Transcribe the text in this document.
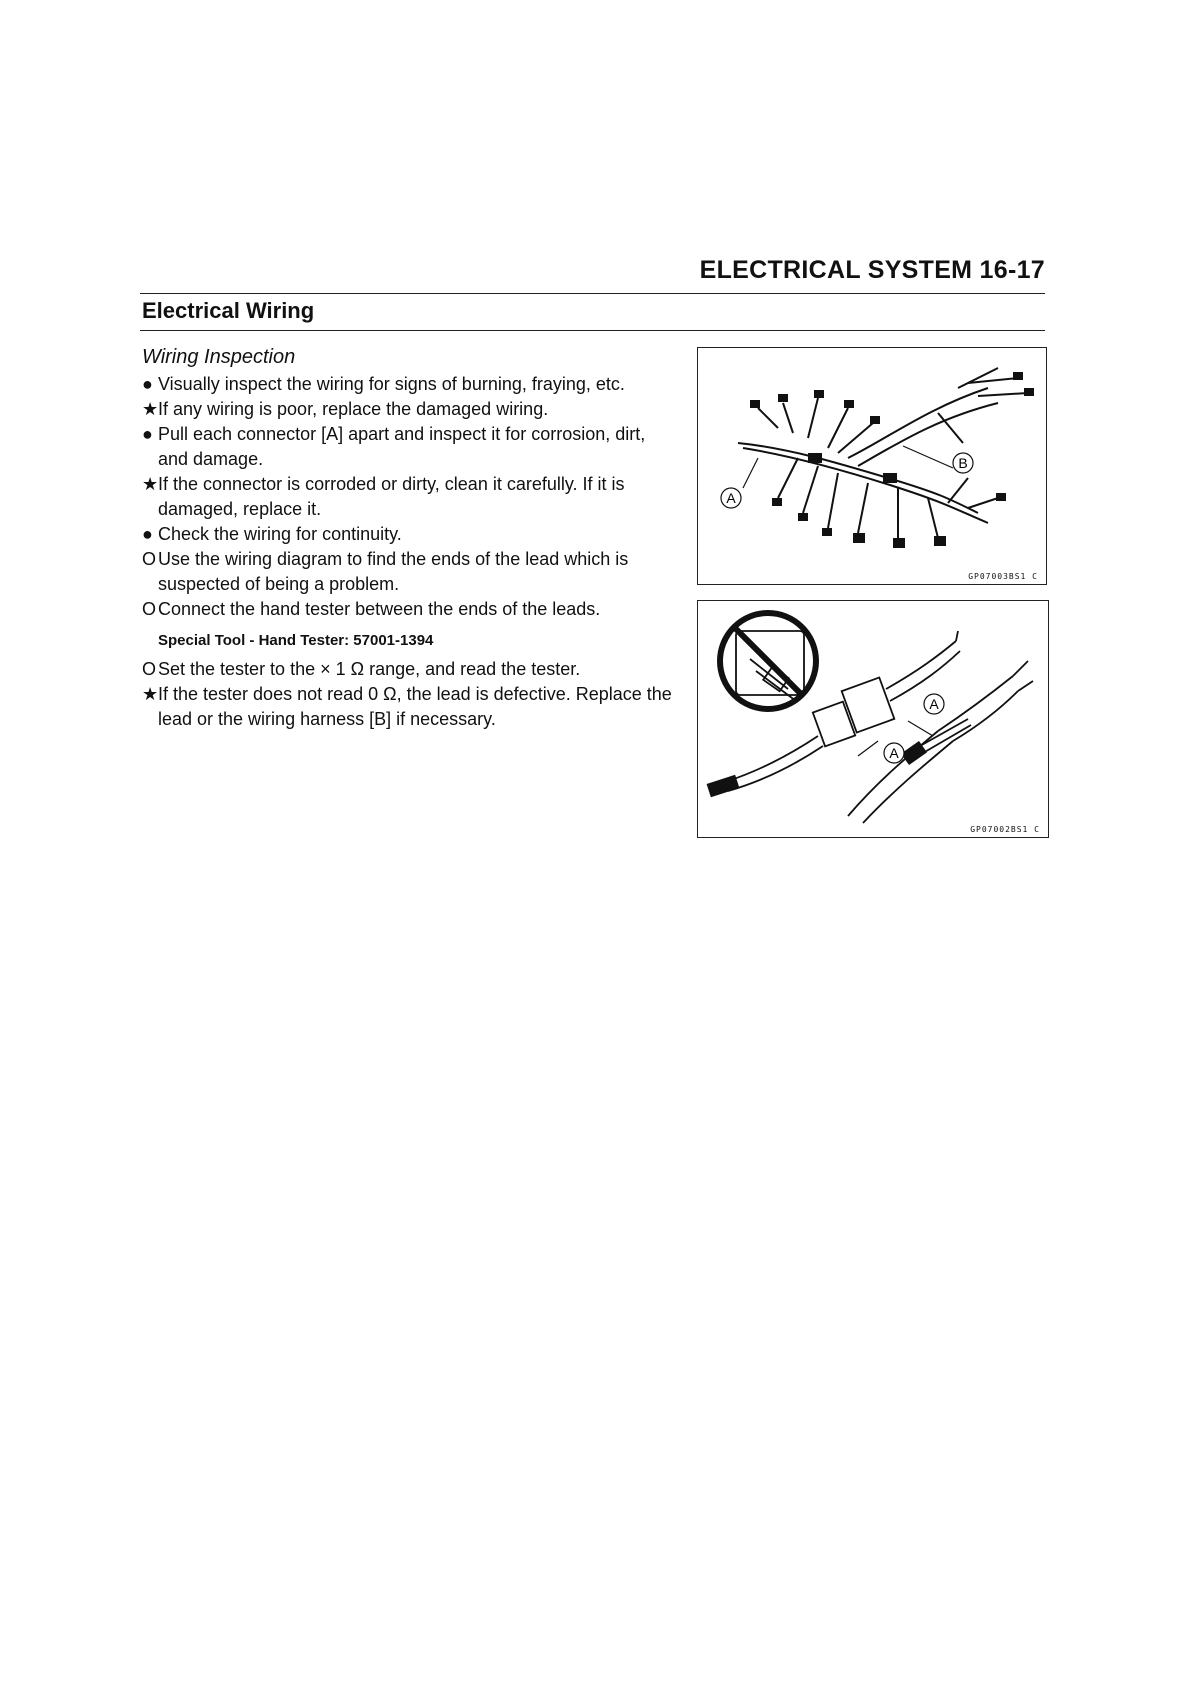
ELECTRICAL SYSTEM 16-17
Electrical Wiring
Wiring Inspection
● Visually inspect the wiring for signs of burning, fraying, etc.
★ If any wiring is poor, replace the damaged wiring.
● Pull each connector [A] apart and inspect it for corrosion, dirt, and damage.
★ If the connector is corroded or dirty, clean it carefully. If it is damaged, replace it.
● Check the wiring for continuity.
O Use the wiring diagram to find the ends of the lead which is suspected of being a problem.
O Connect the hand tester between the ends of the leads.
Special Tool - Hand Tester: 57001-1394
O Set the tester to the × 1 Ω range, and read the tester.
★ If the tester does not read 0 Ω, the lead is defective. Replace the lead or the wiring harness [B] if necessary.
A
B
GP07003BS1 C
A
A
GP07002BS1 C
